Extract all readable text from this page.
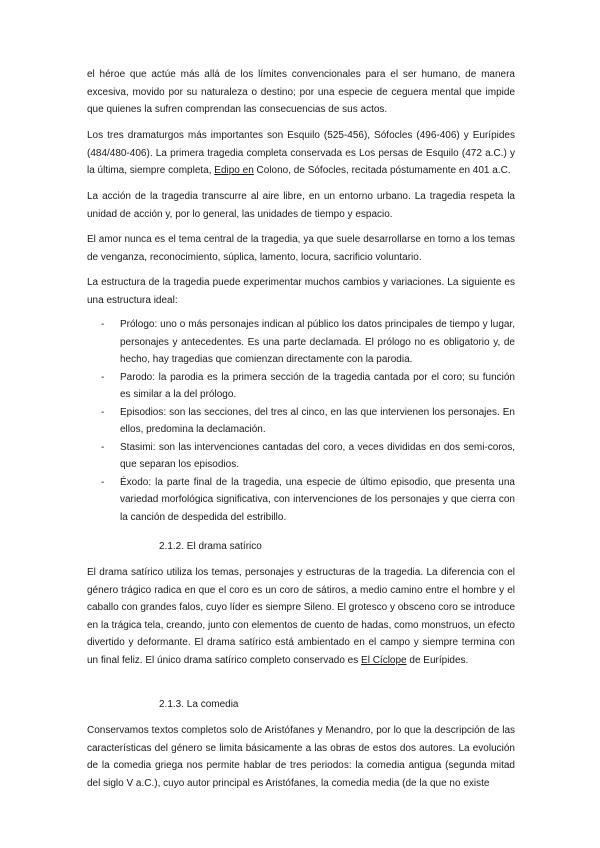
el héroe que actúe más allá de los límites convencionales para el ser humano, de manera excesiva, movido por su naturaleza o destino; por una especie de ceguera mental que impide que quienes la sufren comprendan las consecuencias de sus actos.

Los tres dramaturgos más importantes son Esquilo (525-456), Sófocles (496-406) y Eurípides (484/480-406). La primera tragedia completa conservada es Los persas de Esquilo (472 a.C.) y la última, siempre completa, Edipo en Colono, de Sófocles, recitada póstumamente en 401 a.C.

La acción de la tragedia transcurre al aire libre, en un entorno urbano. La tragedia respeta la unidad de acción y, por lo general, las unidades de tiempo y espacio.

El amor nunca es el tema central de la tragedia, ya que suele desarrollarse en torno a los temas de venganza, reconocimiento, súplica, lamento, locura, sacrificio voluntario.

La estructura de la tragedia puede experimentar muchos cambios y variaciones. La siguiente es una estructura ideal:

- Prólogo: uno o más personajes indican al público los datos principales de tiempo y lugar, personajes y antecedentes. Es una parte declamada. El prólogo no es obligatorio y, de hecho, hay tragedias que comienzan directamente con la parodia.
- Parodo: la parodia es la primera sección de la tragedia cantada por el coro; su función es similar a la del prólogo.
- Episodios: son las secciones, del tres al cinco, en las que intervienen los personajes. En ellos, predomina la declamación.
- Stasimi: son las intervenciones cantadas del coro, a veces divididas en dos semi-coros, que separan los episodios.
- Éxodo: la parte final de la tragedia, una especie de último episodio, que presenta una variedad morfológica significativa, con intervenciones de los personajes y que cierra con la canción de despedida del estribillo.
2.1.2. El drama satírico

El drama satírico utiliza los temas, personajes y estructuras de la tragedia. La diferencia con el género trágico radica en que el coro es un coro de sátiros, a medio camino entre el hombre y el caballo con grandes falos, cuyo líder es siempre Sileno. El grotesco y obsceno coro se introduce en la trágica tela, creando, junto con elementos de cuento de hadas, como monstruos, un efecto divertido y deformante. El drama satírico está ambientado en el campo y siempre termina con un final feliz. El único drama satírico completo conservado es El Cíclope de Eurípides.

2.1.3. La comedia

Conservamos textos completos solo de Aristófanes y Menandro, por lo que la descripción de las características del género se limita básicamente a las obras de estos dos autores. La evolución de la comedia griega nos permite hablar de tres periodos: la comedia antigua (segunda mitad del siglo V a.C.), cuyo autor principal es Aristófanes, la comedia media (de la que no existe
